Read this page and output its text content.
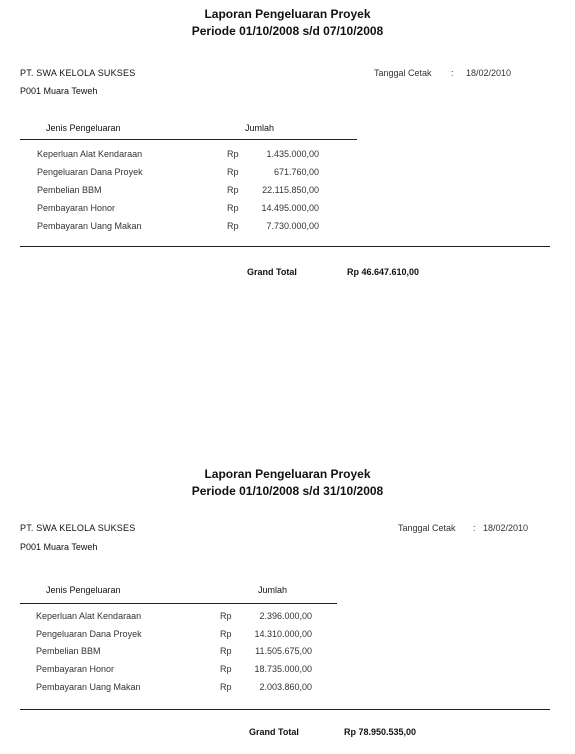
Laporan Pengeluaran Proyek
Periode 01/10/2008 s/d 07/10/2008
PT. SWA KELOLA SUKSES	Tanggal Cetak : 18/02/2010
P001 Muara Teweh
Jenis Pengeluaran	Jumlah
Keperluan Alat Kendaraan	Rp	1.435.000,00
Pengeluaran Dana Proyek	Rp	671.760,00
Pembelian BBM	Rp	22.115.850,00
Pembayaran Honor	Rp	14.495.000,00
Pembayaran Uang Makan	Rp	7.730.000,00
Grand Total	Rp 46.647.610,00
Laporan Pengeluaran Proyek
Periode 01/10/2008 s/d 31/10/2008
PT. SWA KELOLA SUKSES	Tanggal Cetak : 18/02/2010
P001 Muara Teweh
Jenis Pengeluaran	Jumlah
Keperluan Alat Kendaraan	Rp	2.396.000,00
Pengeluaran Dana Proyek	Rp	14.310.000,00
Pembelian BBM	Rp	11.505.675,00
Pembayaran Honor	Rp	18.735.000,00
Pembayaran Uang Makan	Rp	2.003.860,00
Grand Total	Rp 78.950.535,00
